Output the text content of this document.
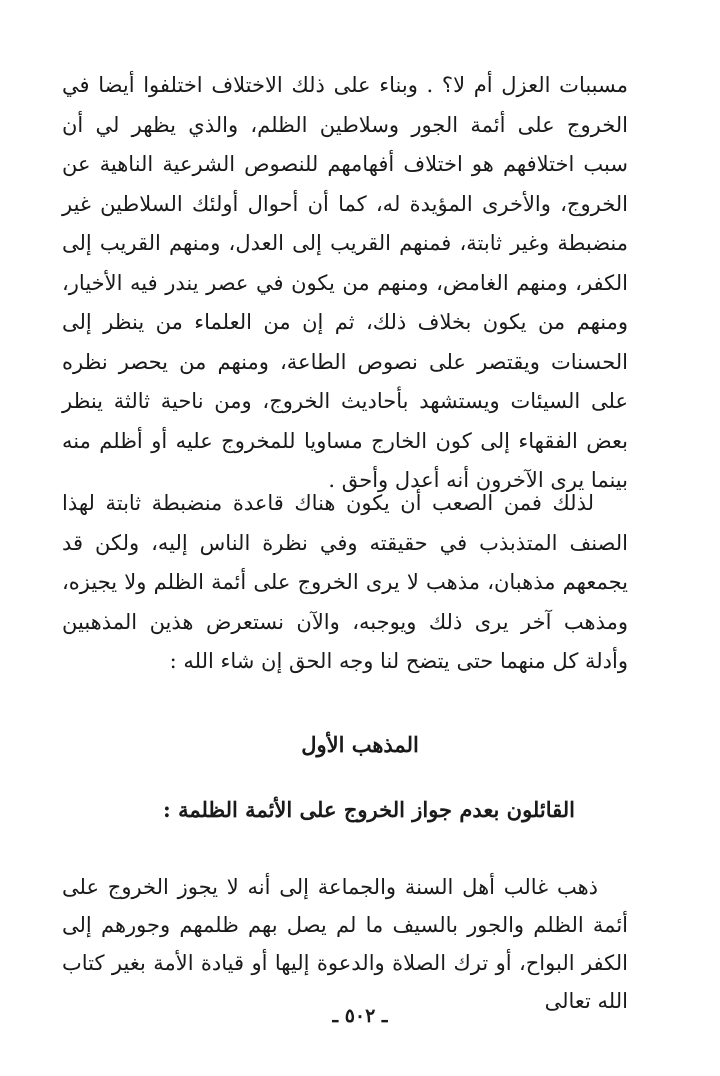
مسببات العزل أم لا؟ . وبناء على ذلك الاختلاف اختلفوا أيضا في الخروج على أئمة الجور وسلاطين الظلم، والذي يظهر لي أن سبب اختلافهم هو اختلاف أفهامهم للنصوص الشرعية الناهية عن الخروج، والأخرى المؤيدة له، كما أن أحوال أولئك السلاطين غير منضبطة وغير ثابتة، فمنهم القريب إلى العدل، ومنهم القريب إلى الكفر، ومنهم الغامض، ومنهم من يكون في عصر يندر فيه الأخيار، ومنهم من يكون بخلاف ذلك، ثم إن من العلماء من ينظر إلى الحسنات ويقتصر على نصوص الطاعة، ومنهم من يحصر نظره على السيئات ويستشهد بأحاديث الخروج، ومن ناحية ثالثة ينظر بعض الفقهاء إلى كون الخارج مساويا للمخروج عليه أو أظلم منه بينما يرى الآخرون أنه أعدل وأحق .

لذلك فمن الصعب أن يكون هناك قاعدة منضبطة ثابتة لهذا الصنف المتذبذب في حقيقته وفي نظرة الناس إليه، ولكن قد يجمعهم مذهبان، مذهب لا يرى الخروج على أئمة الظلم ولا يجيزه، ومذهب آخر يرى ذلك ويوجبه، والآن نستعرض هذين المذهبين وأدلة كل منهما حتى يتضح لنا وجه الحق إن شاء الله :

المذهب الأول
القائلون بعدم جواز الخروج على الأئمة الظلمة :

ذهب غالب أهل السنة والجماعة إلى أنه لا يجوز الخروج على أئمة الظلم والجور بالسيف ما لم يصل بهم ظلمهم وجورهم إلى الكفر البواح، أو ترك الصلاة والدعوة إليها أو قيادة الأمة بغير كتاب الله تعالى

ـ ٥٠٢ ـ
